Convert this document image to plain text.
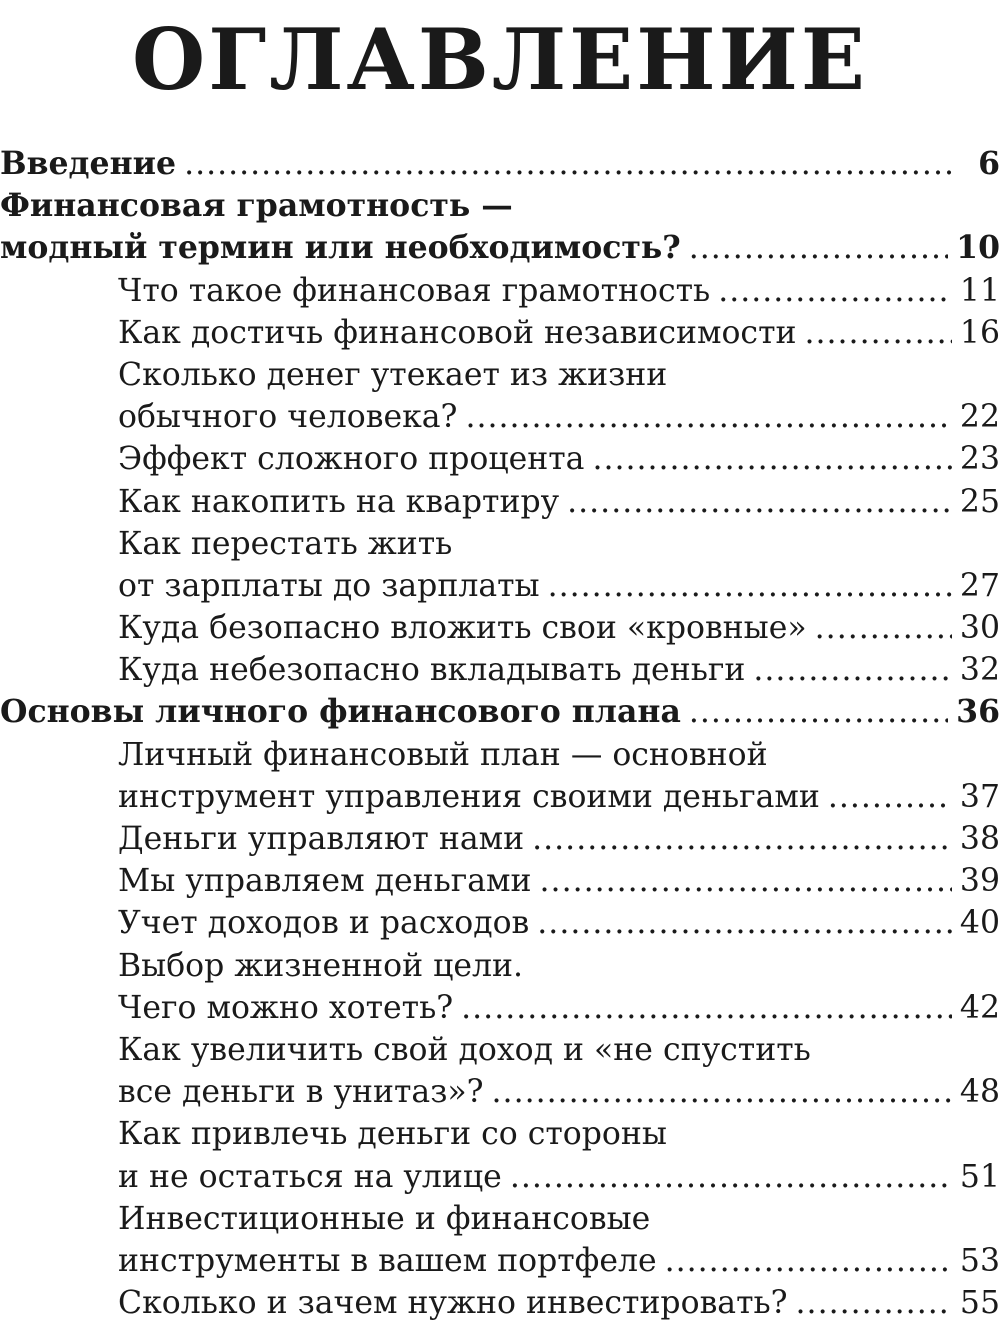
ОГЛАВЛЕНИЕ
Введение .....	6
Финансовая грамотность —
модный термин или необходимость? .....	10
Что такое финансовая грамотность .....	11
Как достичь финансовой независимости .....	16
Сколько денег утекает из жизни
обычного человека? .....	22
Эффект сложного процента .....	23
Как накопить на квартиру .....	25
Как перестать жить
от зарплаты до зарплаты .....	27
Куда безопасно вложить свои «кровные» .....	30
Куда небезопасно вкладывать деньги .....	32
Основы личного финансового плана .....	36
Личный финансовый план — основной
инструмент управления своими деньгами .....	37
Деньги управляют нами .....	38
Мы управляем деньгами .....	39
Учет доходов и расходов .....	40
Выбор жизненной цели.
Чего можно хотеть? .....	42
Как увеличить свой доход и «не спустить
все деньги в унитаз»? .....	48
Как привлечь деньги со стороны
и не остаться на улице .....	51
Инвестиционные и финансовые
инструменты в вашем портфеле .....	53
Сколько и зачем нужно инвестировать? .....	55
